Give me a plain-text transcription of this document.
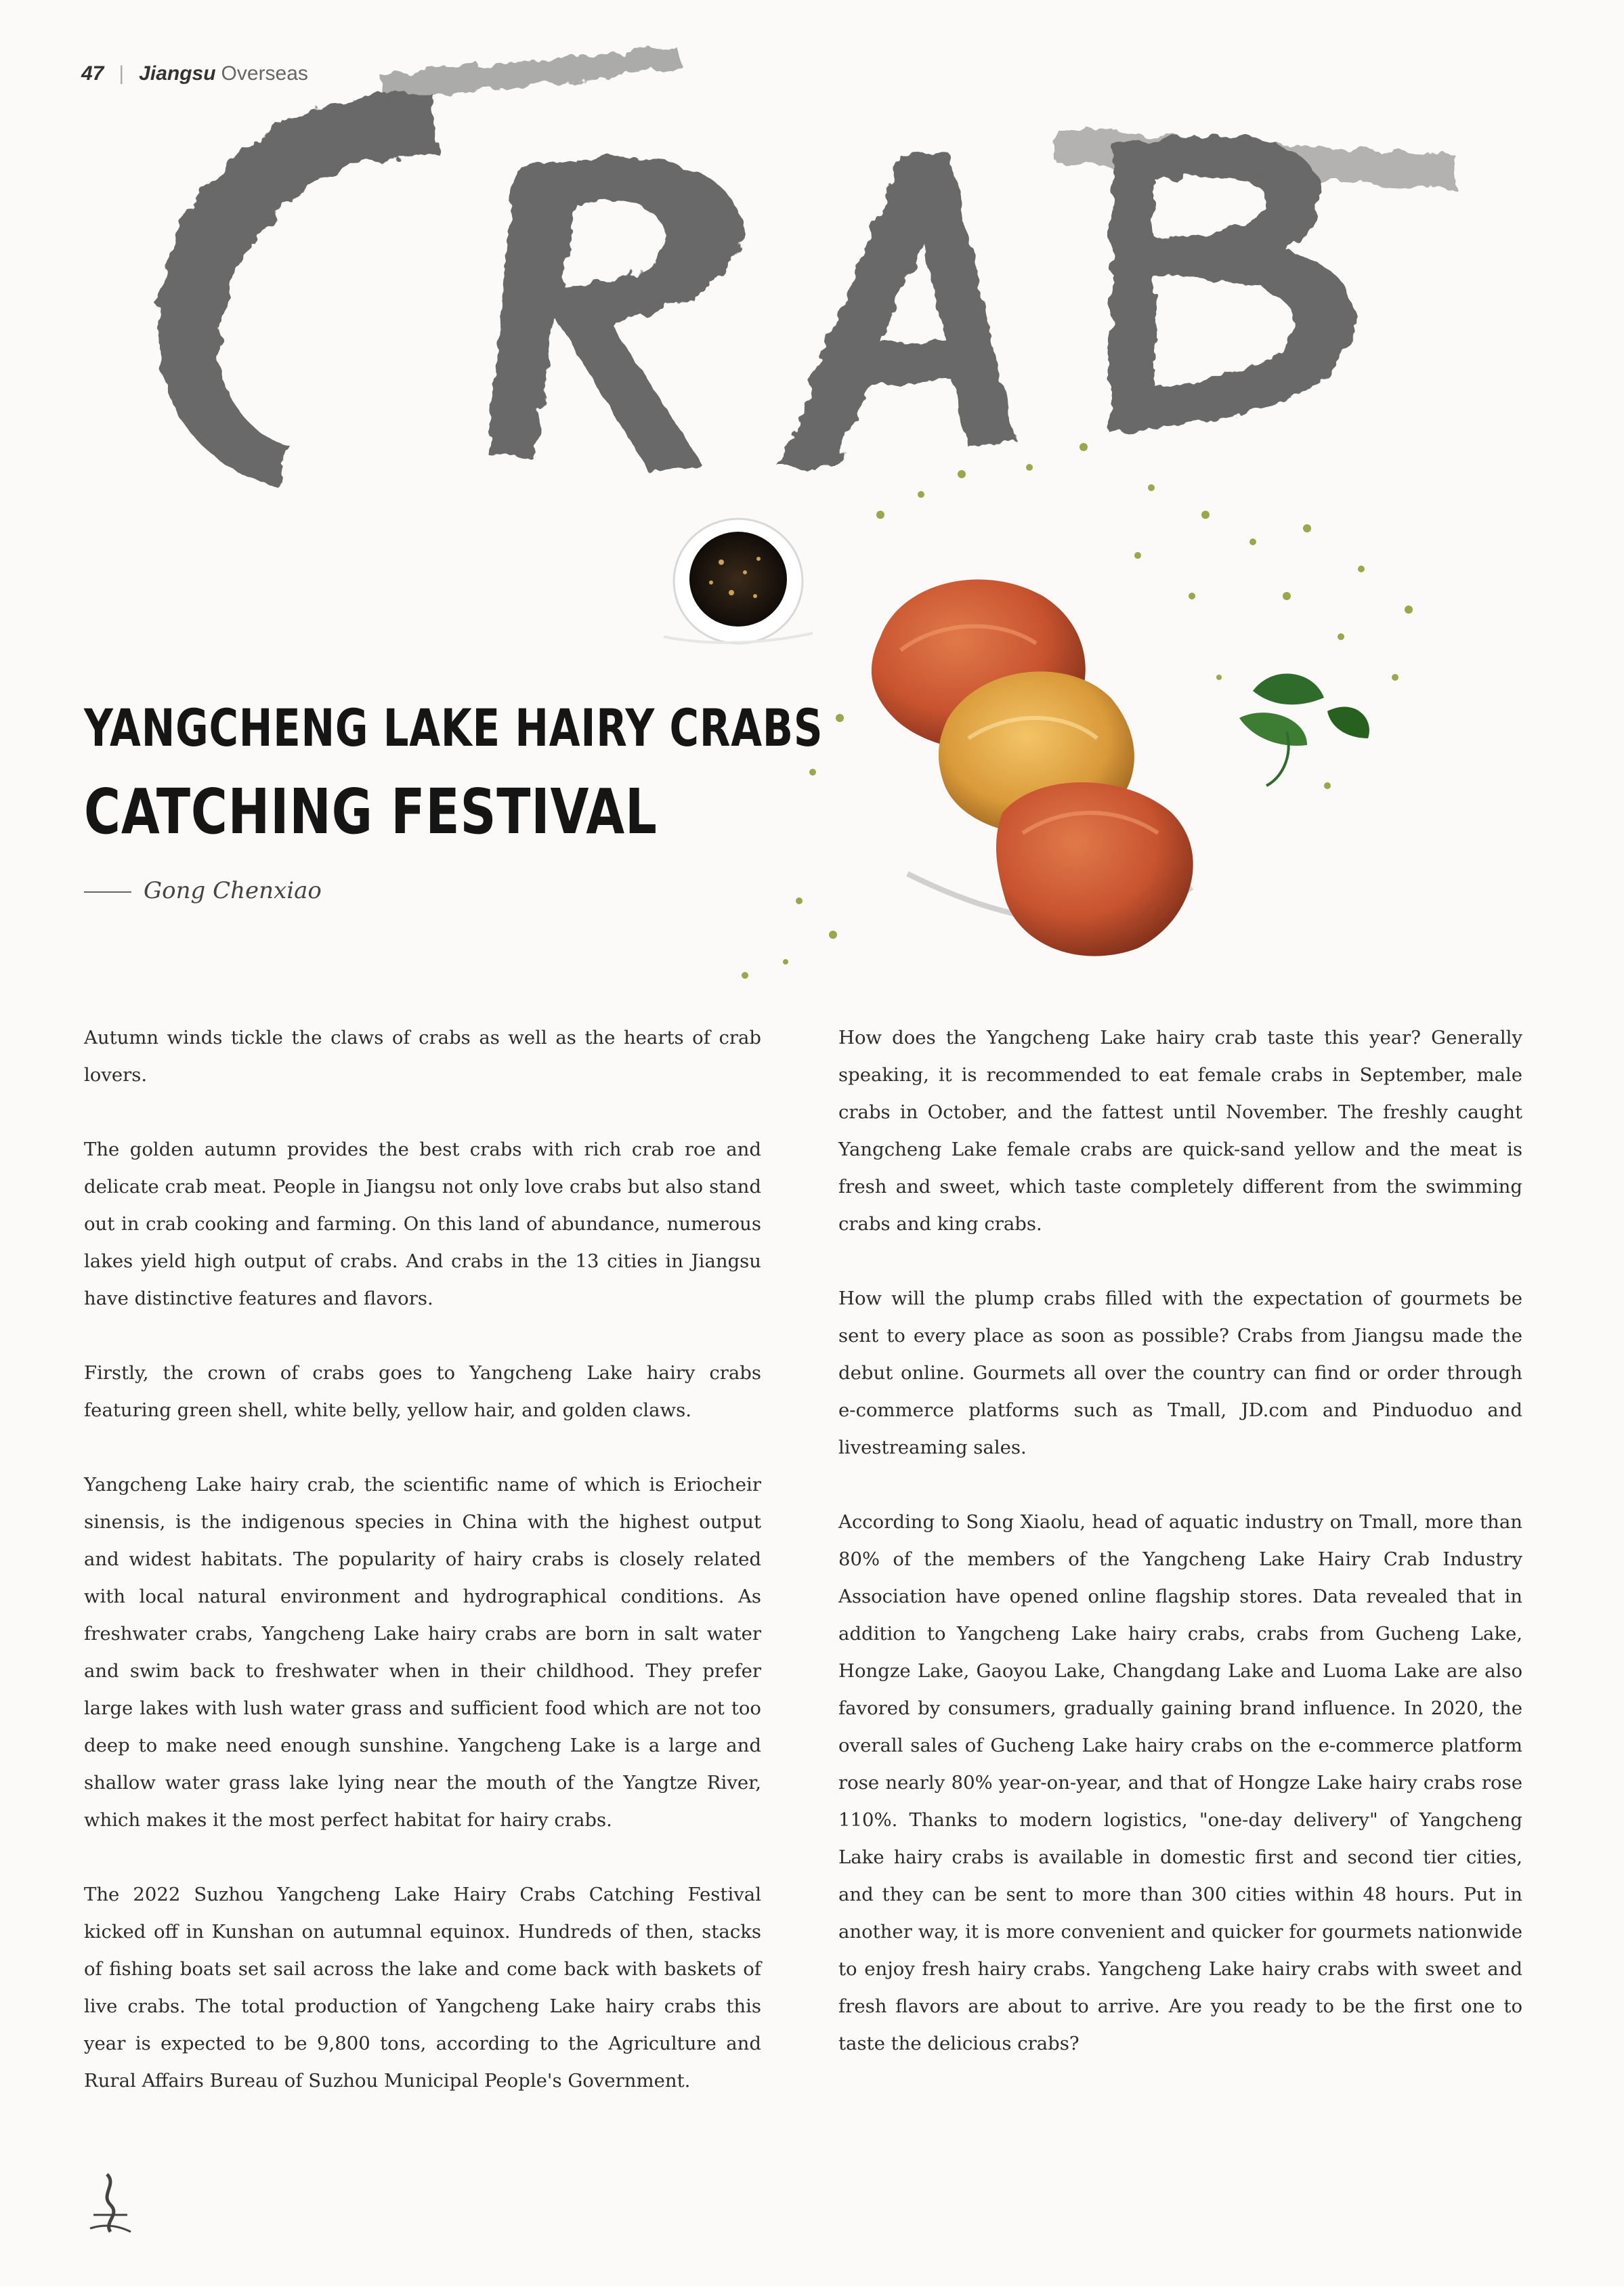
47 | Jiangsu Overseas
YANGCHENG LAKE HAIRY CRABS
CATCHING FESTIVAL
Gong Chenxiao

Autumn winds tickle the claws of crabs as well as the hearts of crab lovers.

The golden autumn provides the best crabs with rich crab roe and delicate crab meat. People in Jiangsu not only love crabs but also stand out in crab cooking and farming. On this land of abundance, numerous lakes yield high output of crabs. And crabs in the 13 cities in Jiangsu have distinctive features and flavors.

Firstly, the crown of crabs goes to Yangcheng Lake hairy crabs featuring green shell, white belly, yellow hair, and golden claws.

Yangcheng Lake hairy crab, the scientific name of which is Eriocheir sinensis, is the indigenous species in China with the highest output and widest habitats. The popularity of hairy crabs is closely related with local natural environment and hydrographical conditions. As freshwater crabs, Yangcheng Lake hairy crabs are born in salt water and swim back to freshwater when in their childhood. They prefer large lakes with lush water grass and sufficient food which are not too deep to make need enough sunshine. Yangcheng Lake is a large and shallow water grass lake lying near the mouth of the Yangtze River, which makes it the most perfect habitat for hairy crabs.

The 2022 Suzhou Yangcheng Lake Hairy Crabs Catching Festival kicked off in Kunshan on autumnal equinox. Hundreds of then, stacks of fishing boats set sail across the lake and come back with baskets of live crabs. The total production of Yangcheng Lake hairy crabs this year is expected to be 9,800 tons, according to the Agriculture and Rural Affairs Bureau of Suzhou Municipal People's Government.

How does the Yangcheng Lake hairy crab taste this year? Generally speaking, it is recommended to eat female crabs in September, male crabs in October, and the fattest until November. The freshly caught Yangcheng Lake female crabs are quick-sand yellow and the meat is fresh and sweet, which taste completely different from the swimming crabs and king crabs.

How will the plump crabs filled with the expectation of gourmets be sent to every place as soon as possible? Crabs from Jiangsu made the debut online. Gourmets all over the country can find or order through e-commerce platforms such as Tmall, JD.com and Pinduoduo and livestreaming sales.

According to Song Xiaolu, head of aquatic industry on Tmall, more than 80% of the members of the Yangcheng Lake Hairy Crab Industry Association have opened online flagship stores. Data revealed that in addition to Yangcheng Lake hairy crabs, crabs from Gucheng Lake, Hongze Lake, Gaoyou Lake, Changdang Lake and Luoma Lake are also favored by consumers, gradually gaining brand influence. In 2020, the overall sales of Gucheng Lake hairy crabs on the e-commerce platform rose nearly 80% year-on-year, and that of Hongze Lake hairy crabs rose 110%. Thanks to modern logistics, "one-day delivery" of Yangcheng Lake hairy crabs is available in domestic first and second tier cities, and they can be sent to more than 300 cities within 48 hours. Put in another way, it is more convenient and quicker for gourmets nationwide to enjoy fresh hairy crabs. Yangcheng Lake hairy crabs with sweet and fresh flavors are about to arrive. Are you ready to be the first one to taste the delicious crabs?
